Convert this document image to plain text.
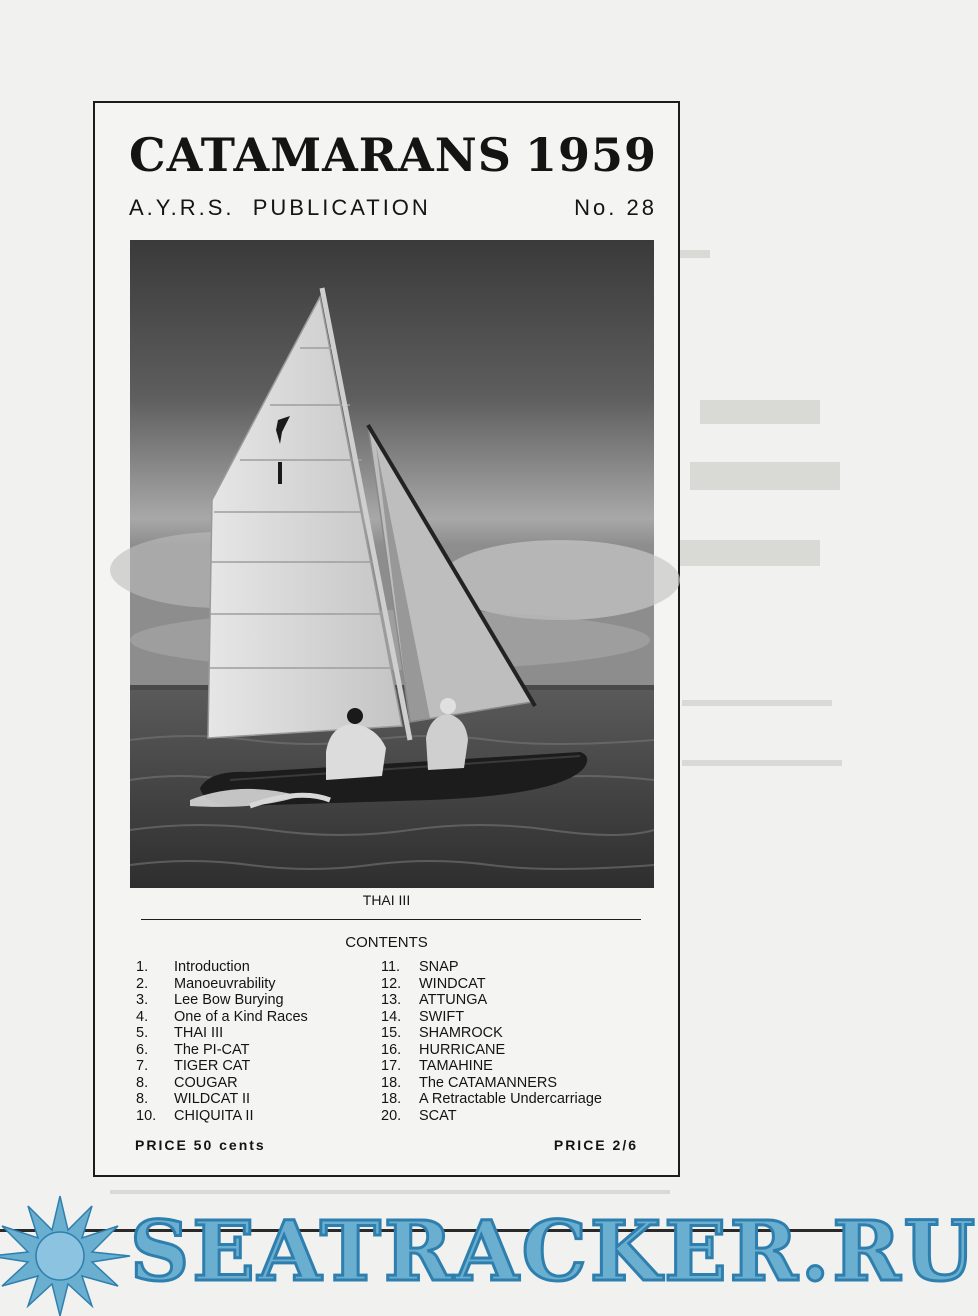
CATAMARANS 1959
A.Y.R.S.  PUBLICATION	No. 28
THAI III
CONTENTS
1. Introduction
2. Manoeuvrability
3. Lee Bow Burying
4. One of a Kind Races
5. THAI III
6. The PI-CAT
7. TIGER CAT
8. COUGAR
8. WILDCAT II
10. CHIQUITA II
11. SNAP
12. WINDCAT
13. ATTUNGA
14. SWIFT
15. SHAMROCK
16. HURRICANE
17. TAMAHINE
18. The CATAMANNERS
18. A Retractable Undercarriage
20. SCAT
PRICE 50 cents	PRICE 2/6
SEATRACKER.RU
